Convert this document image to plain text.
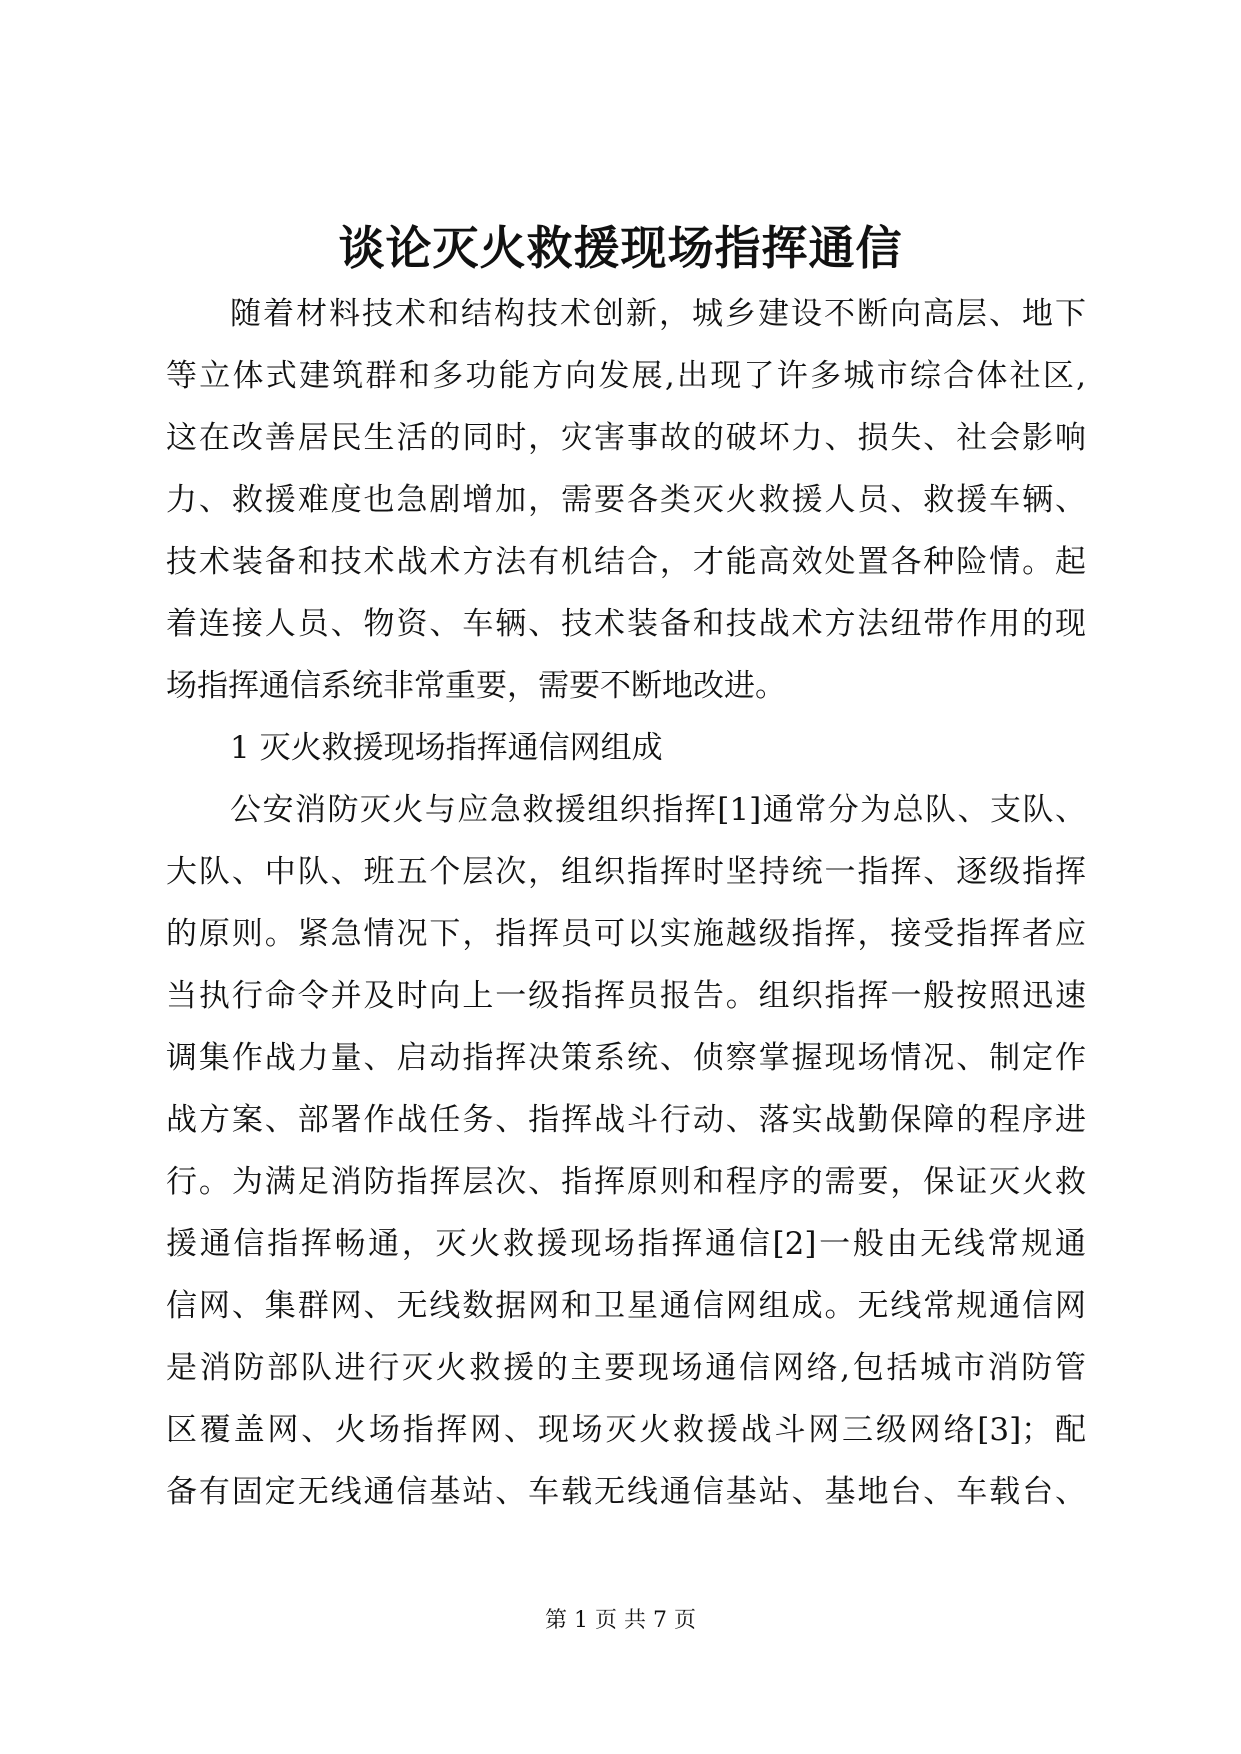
谈论灭火救援现场指挥通信
随着材料技术和结构技术创新，城乡建设不断向高层、地下
等立体式建筑群和多功能方向发展,出现了许多城市综合体社区,
这在改善居民生活的同时，灾害事故的破坏力、损失、社会影响
力、救援难度也急剧增加，需要各类灭火救援人员、救援车辆、
技术装备和技术战术方法有机结合，才能高效处置各种险情。起
着连接人员、物资、车辆、技术装备和技战术方法纽带作用的现
场指挥通信系统非常重要，需要不断地改进。
1 灭火救援现场指挥通信网组成
公安消防灭火与应急救援组织指挥[1]通常分为总队、支队、
大队、中队、班五个层次，组织指挥时坚持统一指挥、逐级指挥
的原则。紧急情况下，指挥员可以实施越级指挥，接受指挥者应
当执行命令并及时向上一级指挥员报告。组织指挥一般按照迅速
调集作战力量、启动指挥决策系统、侦察掌握现场情况、制定作
战方案、部署作战任务、指挥战斗行动、落实战勤保障的程序进
行。为满足消防指挥层次、指挥原则和程序的需要，保证灭火救
援通信指挥畅通，灭火救援现场指挥通信[2]一般由无线常规通
信网、集群网、无线数据网和卫星通信网组成。无线常规通信网
是消防部队进行灭火救援的主要现场通信网络,包括城市消防管
区覆盖网、火场指挥网、现场灭火救援战斗网三级网络[3]；配
备有固定无线通信基站、车载无线通信基站、基地台、车载台、
第 1 页 共 7 页
